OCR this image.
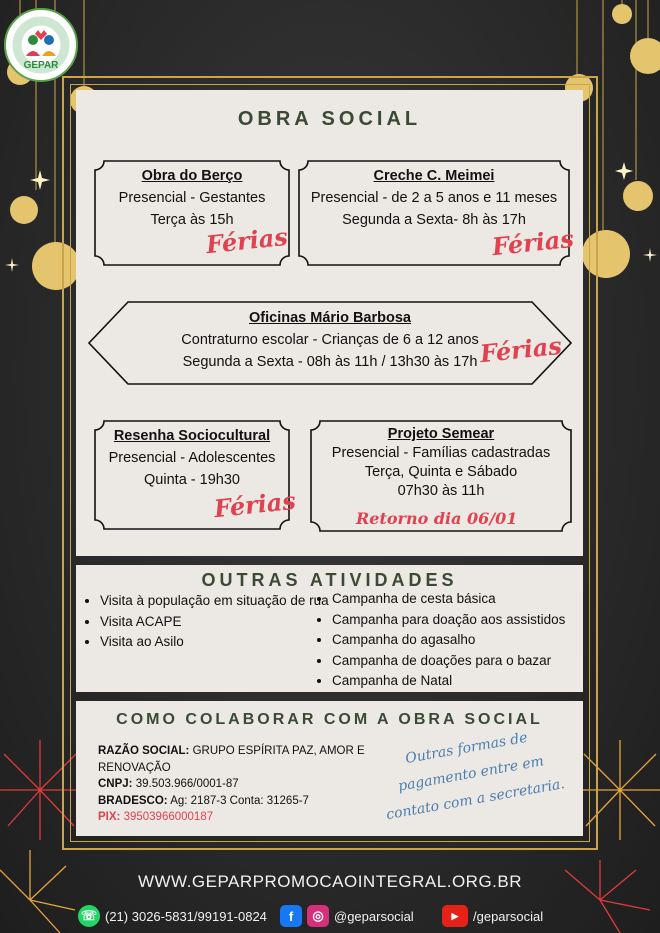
GEPAR
OBRA SOCIAL
Obra do Berço
Presencial - Gestantes
Terça às 15h
Férias
Creche C. Meimei
Presencial - de 2 a 5 anos e 11 meses
Segunda a Sexta- 8h às 17h
Férias
Oficinas Mário Barbosa
Contraturno escolar - Crianças de 6 a 12 anos
Segunda a Sexta - 08h às 11h / 13h30 às 17h Férias
Resenha Sociocultural
Presencial - Adolescentes
Quinta - 19h30
Férias
Projeto Semear
Presencial - Famílias cadastradas
Terça, Quinta e Sábado
07h30 às 11h
Retorno dia 06/01
OUTRAS ATIVIDADES
• Visita à população em situação de rua
• Visita ACAPE
• Visita ao Asilo
• Campanha de cesta básica
• Campanha para doação aos assistidos
• Campanha do agasalho
• Campanha de doações para o bazar
• Campanha de Natal
COMO COLABORAR COM A OBRA SOCIAL
RAZÃO SOCIAL: GRUPO ESPÍRITA PAZ, AMOR E RENOVAÇÃO
CNPJ: 39.503.966/0001-87
BRADESCO: Ag: 2187-3 Conta: 31265-7
PIX: 39503966000187
Outras formas de pagamento entre em contato com a secretaria.
WWW.GEPARPROMOCAOINTEGRAL.ORG.BR
☏ (21) 3026-5831/99191-0824	f	◎ @geparsocial	▶	/geparsocial
